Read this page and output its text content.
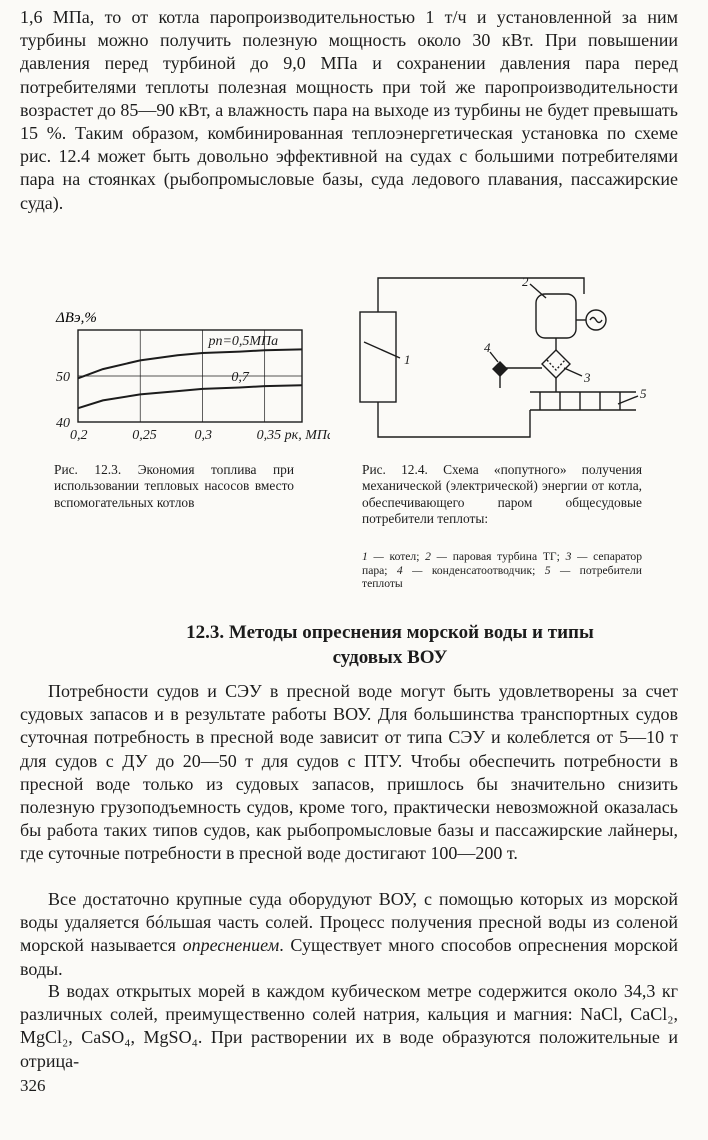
1,6 МПа, то от котла паропроизводительностью 1 т/ч и установленной за ним турбины можно получить полезную мощность около 30 кВт. При повышении давления перед турбиной до 9,0 МПа и сохранении давления пара перед потребителями теплоты полезная мощность при той же паропроизводительности возрастет до 85—90 кВт, а влажность пара на выходе из турбины не будет превышать 15 %. Таким образом, комбинированная теплоэнергетическая установка по схеме рис. 12.4 может быть довольно эффективной на судах с большими потребителями пара на стоянках (рыбопромысловые базы, суда ледового плавания, пассажирские суда).

ΔBэ,%
0,2	0,25	0,3	0,35
40
50
pк, МПа
pп=0,5МПа
0,7

Рис. 12.3. Экономия топлива при использовании тепловых насосов вместо вспомогательных котлов

1
2
3
4
5

Рис. 12.4. Схема «попутного» получения механической (электрической) энергии от котла, обеспечивающего паром общесудовые потребители теплоты:

1 — котел; 2 — паровая турбина ТГ; 3 — сепаратор пара; 4 — конденсатоотводчик; 5 — потребители теплоты

12.3. Методы опреснения морской воды и типы судовых ВОУ

Потребности судов и СЭУ в пресной воде могут быть удовлетворены за счет судовых запасов и в результате работы ВОУ. Для большинства транспортных судов суточная потребность в пресной воде зависит от типа СЭУ и колеблется от 5—10 т для судов с ДУ до 20—50 т для судов с ПТУ. Чтобы обеспечить потребности в пресной воде только из судовых запасов, пришлось бы значительно снизить полезную грузоподъемность судов, кроме того, практически невозможной оказалась бы работа таких типов судов, как рыбопромысловые базы и пассажирские лайнеры, где суточные потребности в пресной воде достигают 100—200 т.

Все достаточно крупные суда оборудуют ВОУ, с помощью которых из морской воды удаляется бóльшая часть солей. Процесс получения пресной воды из соленой морской называется опреснением. Существует много способов опреснения морской воды.

В водах открытых морей в каждом кубическом метре содержится около 34,3 кг различных солей, преимущественно солей натрия, кальция и магния: NaCl, CaCl₂, MgCl₂, CaSO₄, MgSO₄. При растворении их в воде образуются положительные и отрица-

326
